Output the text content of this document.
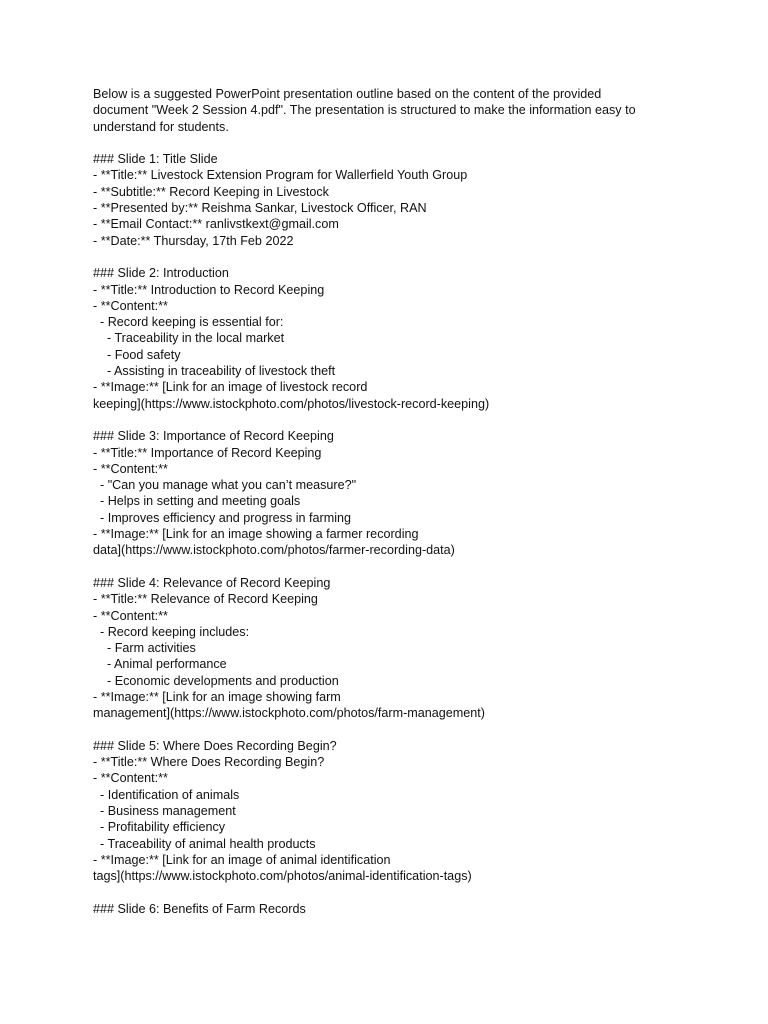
Below is a suggested PowerPoint presentation outline based on the content of the provided
document "Week 2 Session 4.pdf". The presentation is structured to make the information easy to
understand for students.
### Slide 1: Title Slide
- **Title:** Livestock Extension Program for Wallerfield Youth Group
- **Subtitle:** Record Keeping in Livestock
- **Presented by:** Reishma Sankar, Livestock Officer, RAN
- **Email Contact:** ranlivstkext@gmail.com
- **Date:** Thursday, 17th Feb 2022
### Slide 2: Introduction
- **Title:** Introduction to Record Keeping
- **Content:**
- Record keeping is essential for:
- Traceability in the local market
- Food safety
- Assisting in traceability of livestock theft
- **Image:** [Link for an image of livestock record
keeping](https://www.istockphoto.com/photos/livestock-record-keeping)
### Slide 3: Importance of Record Keeping
- **Title:** Importance of Record Keeping
- **Content:**
- "Can you manage what you can’t measure?"
- Helps in setting and meeting goals
- Improves efficiency and progress in farming
- **Image:** [Link for an image showing a farmer recording
data](https://www.istockphoto.com/photos/farmer-recording-data)
### Slide 4: Relevance of Record Keeping
- **Title:** Relevance of Record Keeping
- **Content:**
- Record keeping includes:
- Farm activities
- Animal performance
- Economic developments and production
- **Image:** [Link for an image showing farm
management](https://www.istockphoto.com/photos/farm-management)
### Slide 5: Where Does Recording Begin?
- **Title:** Where Does Recording Begin?
- **Content:**
- Identification of animals
- Business management
- Profitability efficiency
- Traceability of animal health products
- **Image:** [Link for an image of animal identification
tags](https://www.istockphoto.com/photos/animal-identification-tags)
### Slide 6: Benefits of Farm Records
